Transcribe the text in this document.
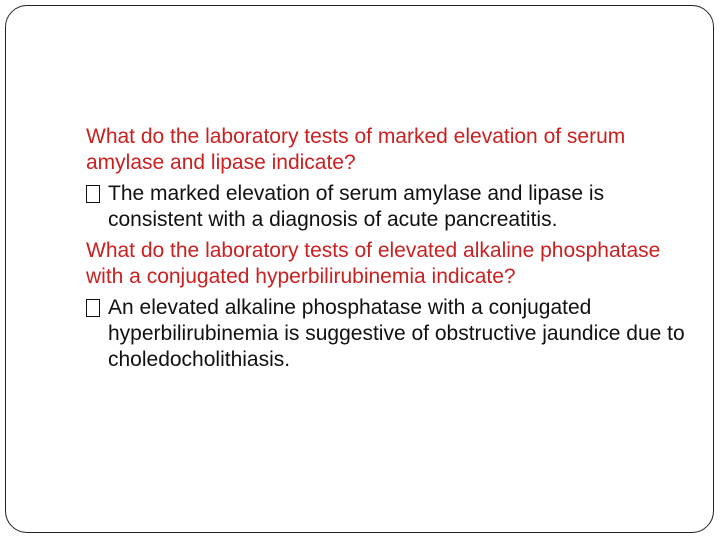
What do the laboratory tests of marked elevation of serum amylase and lipase indicate?

The marked elevation of serum amylase and lipase is consistent with a diagnosis of acute pancreatitis.

What do the laboratory tests of elevated alkaline phosphatase with a conjugated hyperbilirubinemia indicate?

An elevated alkaline phosphatase with a conjugated hyperbilirubinemia is suggestive of obstructive jaundice due to choledocholithiasis.
